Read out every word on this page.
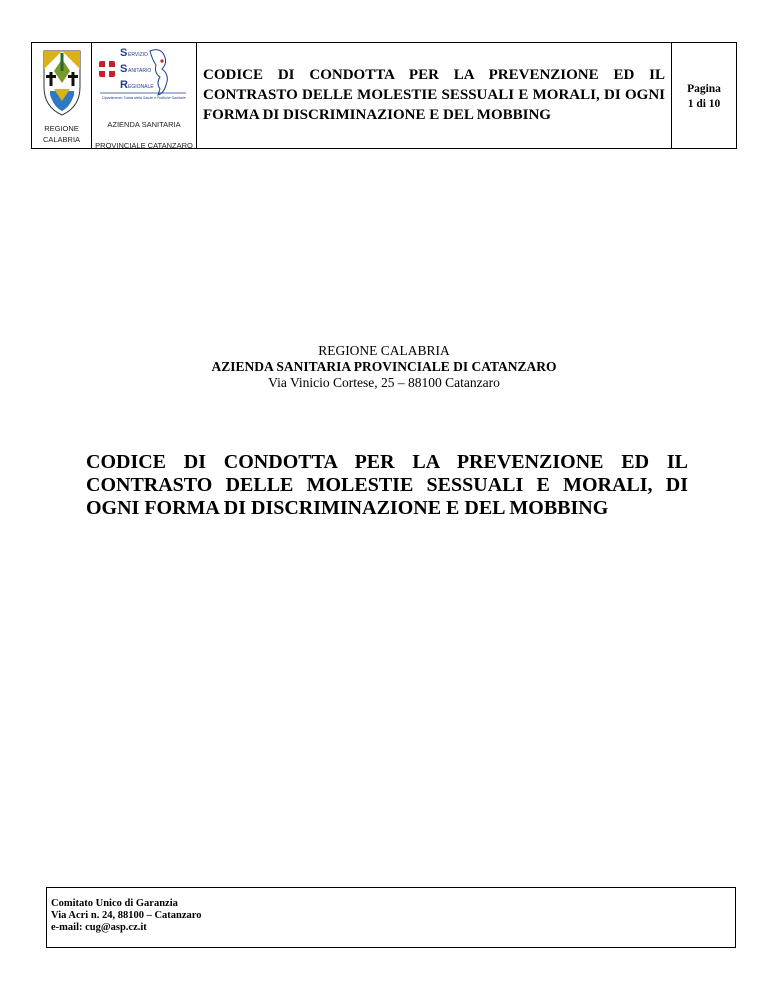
REGIONE CALABRIA
S ERVIZIO
S ANITARIO
R EGIONALE
Dipartimento Tutela della Salute e Politiche Sanitarie
AZIENDA SANITARIA
PROVINCIALE CATANZARO
CODICE DI CONDOTTA PER LA PREVENZIONE ED IL CONTRASTO DELLE MOLESTIE SESSUALI E MORALI, DI OGNI FORMA DI DISCRIMINAZIONE E DEL MOBBING
Pagina
1 di 10
REGIONE CALABRIA
AZIENDA SANITARIA PROVINCIALE DI CATANZARO
Via Vinicio Cortese, 25 – 88100 Catanzaro
CODICE DI CONDOTTA PER LA PREVENZIONE ED IL CONTRASTO DELLE MOLESTIE SESSUALI E MORALI, DI OGNI FORMA DI DISCRIMINAZIONE E DEL MOBBING
Comitato Unico di Garanzia
Via Acri n. 24, 88100 – Catanzaro
e-mail: cug@asp.cz.it
